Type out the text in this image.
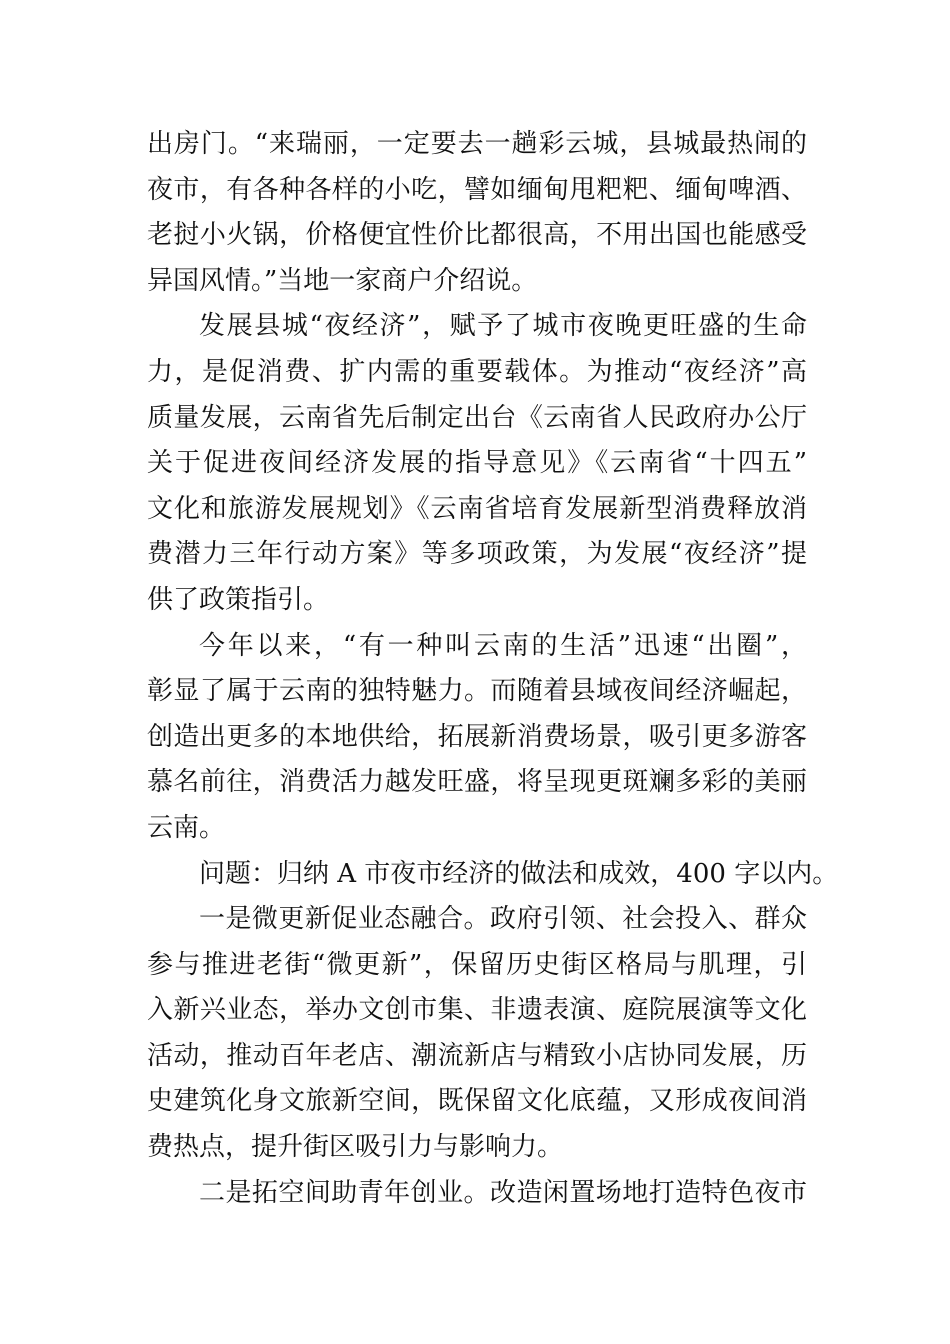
出房门。“来瑞丽，一定要去一趟彩云城，县城最热闹的
夜市，有各种各样的小吃，譬如缅甸甩粑粑、缅甸啤酒、
老挝小火锅，价格便宜性价比都很高，不用出国也能感受
异国风情。”当地一家商户介绍说。
发展县城“夜经济”，赋予了城市夜晚更旺盛的生命
力，是促消费、扩内需的重要载体。为推动“夜经济”高
质量发展，云南省先后制定出台《云南省人民政府办公厅
关于促进夜间经济发展的指导意见》《云南省“十四五”
文化和旅游发展规划》《云南省培育发展新型消费释放消
费潜力三年行动方案》等多项政策，为发展“夜经济”提
供了政策指引。
今年以来，“有一种叫云南的生活”迅速“出圈”，
彰显了属于云南的独特魅力。而随着县域夜间经济崛起，
创造出更多的本地供给，拓展新消费场景，吸引更多游客
慕名前往，消费活力越发旺盛，将呈现更斑斓多彩的美丽
云南。
问题：归纳 A 市夜市经济的做法和成效，400 字以内。
一是微更新促业态融合。政府引领、社会投入、群众
参与推进老街“微更新”，保留历史街区格局与肌理，引
入新兴业态，举办文创市集、非遗表演、庭院展演等文化
活动，推动百年老店、潮流新店与精致小店协同发展，历
史建筑化身文旅新空间，既保留文化底蕴，又形成夜间消
费热点，提升街区吸引力与影响力。
二是拓空间助青年创业。改造闲置场地打造特色夜市
